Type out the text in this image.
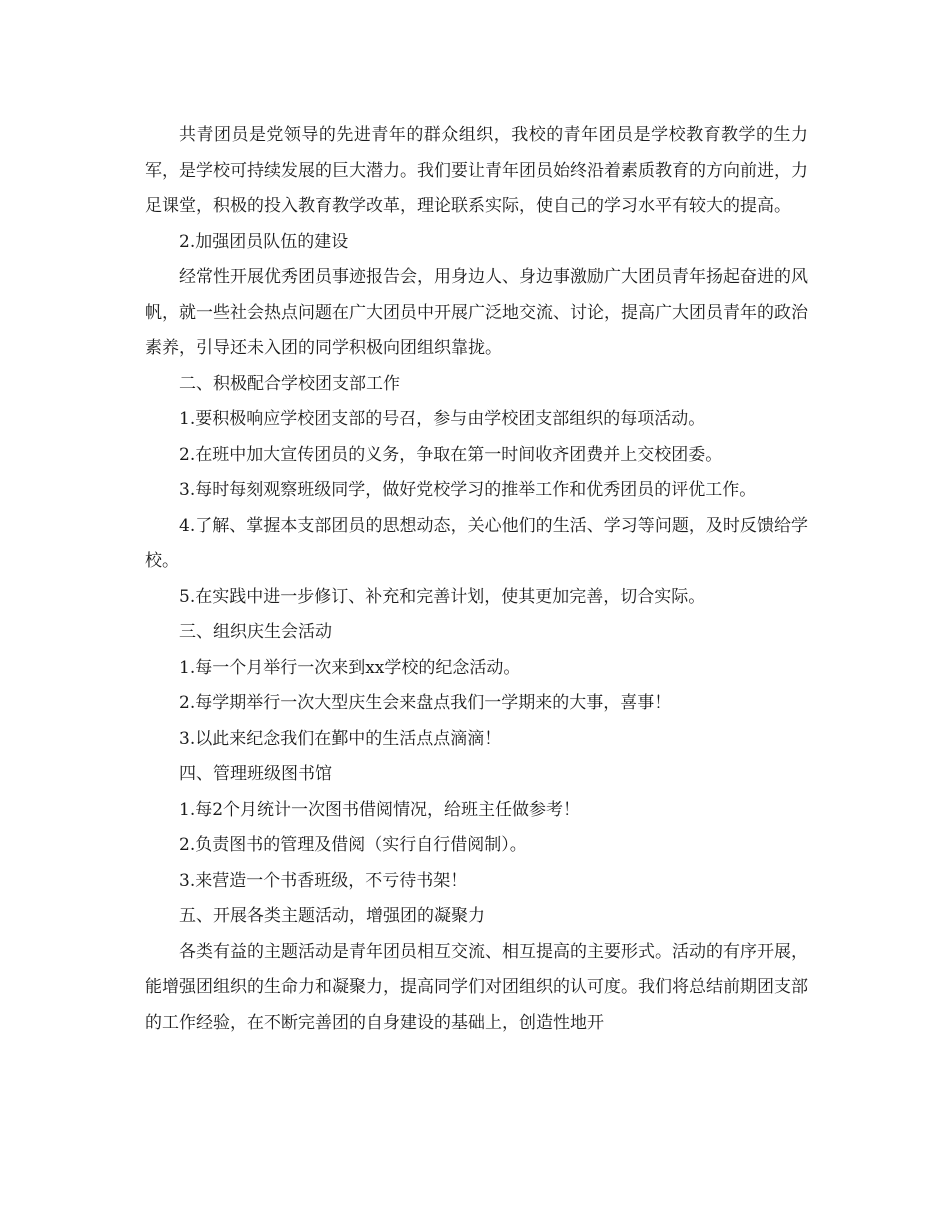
共青团员是党领导的先进青年的群众组织，我校的青年团员是学校教育教学的生力军，是学校可持续发展的巨大潜力。我们要让青年团员始终沿着素质教育的方向前进，力足课堂，积极的投入教育教学改革，理论联系实际，使自己的学习水平有较大的提高。

2.加强团员队伍的建设

经常性开展优秀团员事迹报告会，用身边人、身边事激励广大团员青年扬起奋进的风帆，就一些社会热点问题在广大团员中开展广泛地交流、讨论，提高广大团员青年的政治素养，引导还未入团的同学积极向团组织靠拢。

二、积极配合学校团支部工作

1.要积极响应学校团支部的号召，参与由学校团支部组织的每项活动。

2.在班中加大宣传团员的义务，争取在第一时间收齐团费并上交校团委。

3.每时每刻观察班级同学，做好党校学习的推举工作和优秀团员的评优工作。

4.了解、掌握本支部团员的思想动态，关心他们的生活、学习等问题，及时反馈给学校。

5.在实践中进一步修订、补充和完善计划，使其更加完善，切合实际。

三、组织庆生会活动

1.每一个月举行一次来到xx学校的纪念活动。

2.每学期举行一次大型庆生会来盘点我们一学期来的大事，喜事！

3.以此来纪念我们在鄞中的生活点点滴滴！

四、管理班级图书馆

1.每2个月统计一次图书借阅情况，给班主任做参考！

2.负责图书的管理及借阅（实行自行借阅制）。

3.来营造一个书香班级，不亏待书架！

五、开展各类主题活动，增强团的凝聚力

各类有益的主题活动是青年团员相互交流、相互提高的主要形式。活动的有序开展，能增强团组织的生命力和凝聚力，提高同学们对团组织的认可度。我们将总结前期团支部的工作经验，在不断完善团的自身建设的基础上，创造性地开
